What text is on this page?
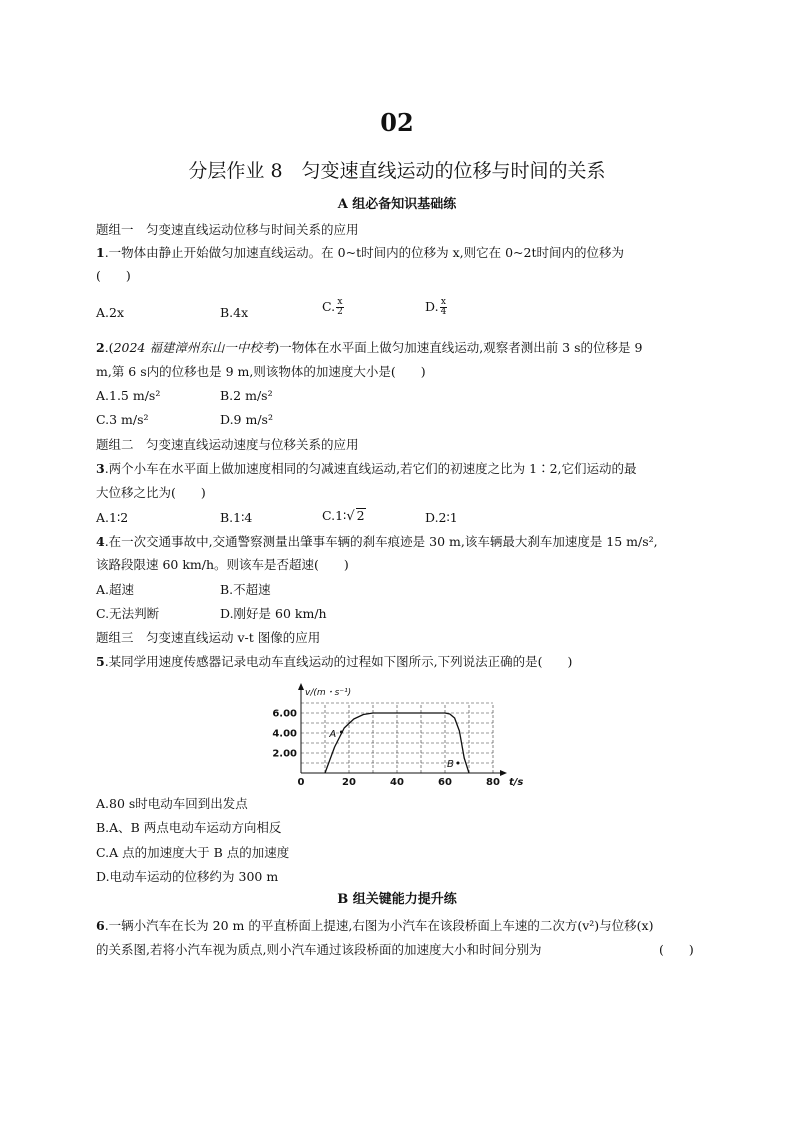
02
分层作业 8　匀变速直线运动的位移与时间的关系
A 组必备知识基础练
题组一　匀变速直线运动位移与时间关系的应用
1.一物体由静止开始做匀加速直线运动。在 0~t时间内的位移为 x,则它在 0~2t时间内的位移为
(　　)
A.2x	B.4x	C. $\frac{x}{2}$	D. $\frac{x}{4}$
2.(2024 福建漳州东山一中校考)一物体在水平面上做匀加速直线运动,观察者测出前 3 s的位移是 9
m,第 6 s内的位移也是 9 m,则该物体的加速度大小是(　　)
A.1.5 m/s²	B.2 m/s²
C.3 m/s²	D.9 m/s²
题组二　匀变速直线运动速度与位移关系的应用
3.两个小车在水平面上做加速度相同的匀减速直线运动,若它们的初速度之比为 1∶2,它们运动的最
大位移之比为(　　)
A.1∶2	B.1∶4	C.1∶√ 2	D.2∶1
4.在一次交通事故中,交通警察测量出肇事车辆的刹车痕迹是 30 m,该车辆最大刹车加速度是 15 m/s²,
该路段限速 60 km/h。则该车是否超速(　　)
A.超速	B.不超速
C.无法判断	D.刚好是 60 km/h
题组三　匀变速直线运动 v-t 图像的应用
5.某同学用速度传感器记录电动车直线运动的过程如下图所示,下列说法正确的是(　　)
0	20	40	60	80
2.00
4.00
6.00
v/(m・s⁻¹)
t/s
A
B
A.80 s时电动车回到出发点
B.A、B 两点电动车运动方向相反
C.A 点的加速度大于 B 点的加速度
D.电动车运动的位移约为 300 m
B 组关键能力提升练
6.一辆小汽车在长为 20 m 的平直桥面上提速,右图为小汽车在该段桥面上车速的二次方(v²)与位移(x)
的关系图,若将小汽车视为质点,则小汽车通过该段桥面的加速度大小和时间分别为	(　　)
